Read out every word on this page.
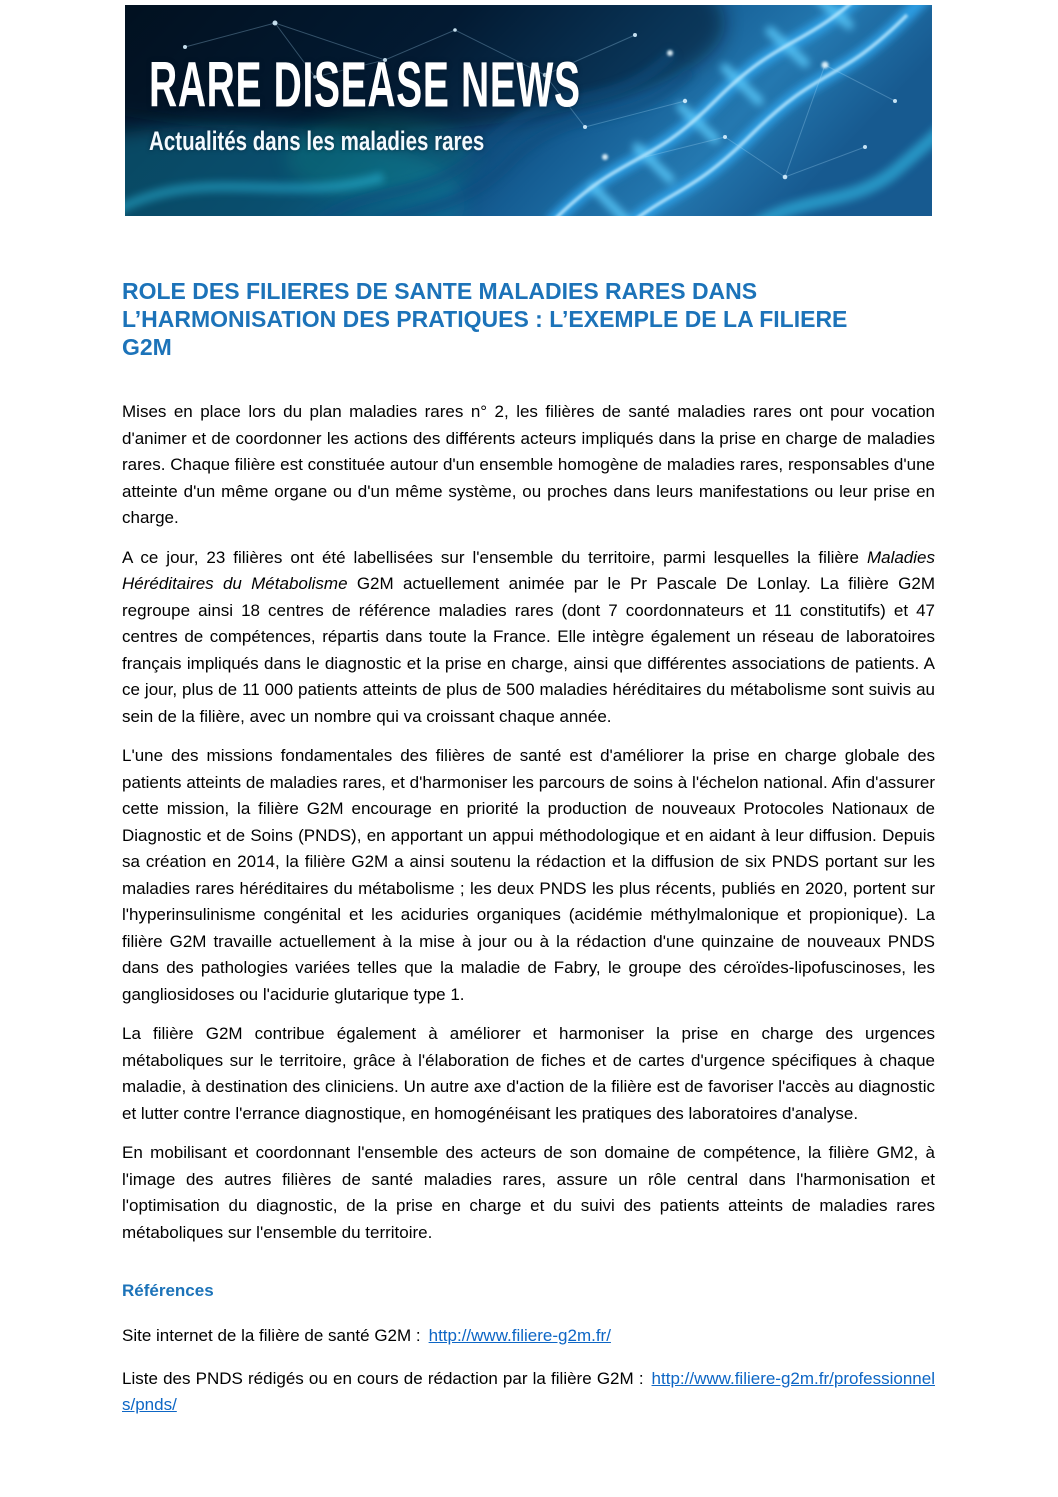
RARE DISEASE NEWS
Actualités dans les maladies rares
ROLE DES FILIERES DE SANTE MALADIES RARES DANS
L’HARMONISATION DES PRATIQUES : L’EXEMPLE DE LA FILIERE
G2M

Mises en place lors du plan maladies rares n° 2, les filières de santé maladies rares ont pour vocation d'animer et de coordonner les actions des différents acteurs impliqués dans la prise en charge de maladies rares. Chaque filière est constituée autour d'un ensemble homogène de maladies rares, responsables d'une atteinte d'un même organe ou d'un même système, ou proches dans leurs manifestations ou leur prise en charge.

A ce jour, 23 filières ont été labellisées sur l'ensemble du territoire, parmi lesquelles la filière Maladies Héréditaires du Métabolisme G2M actuellement animée par le Pr Pascale De Lonlay. La filière G2M regroupe ainsi 18 centres de référence maladies rares (dont 7 coordonnateurs et 11 constitutifs) et 47 centres de compétences, répartis dans toute la France. Elle intègre également un réseau de laboratoires français impliqués dans le diagnostic et la prise en charge, ainsi que différentes associations de patients. A ce jour, plus de 11 000 patients atteints de plus de 500 maladies héréditaires du métabolisme sont suivis au sein de la filière, avec un nombre qui va croissant chaque année.

L'une des missions fondamentales des filières de santé est d'améliorer la prise en charge globale des patients atteints de maladies rares, et d'harmoniser les parcours de soins à l'échelon national. Afin d'assurer cette mission, la filière G2M encourage en priorité la production de nouveaux Protocoles Nationaux de Diagnostic et de Soins (PNDS), en apportant un appui méthodologique et en aidant à leur diffusion. Depuis sa création en 2014, la filière G2M a ainsi soutenu la rédaction et la diffusion de six PNDS portant sur les maladies rares héréditaires du métabolisme ; les deux PNDS les plus récents, publiés en 2020, portent sur l'hyperinsulinisme congénital et les aciduries organiques (acidémie méthylmalonique et propionique). La filière G2M travaille actuellement à la mise à jour ou à la rédaction d'une quinzaine de nouveaux PNDS dans des pathologies variées telles que la maladie de Fabry, le groupe des céroïdes-lipofuscinoses, les gangliosidoses ou l'acidurie glutarique type 1.

La filière G2M contribue également à améliorer et harmoniser la prise en charge des urgences métaboliques sur le territoire, grâce à l'élaboration de fiches et de cartes d'urgence spécifiques à chaque maladie, à destination des cliniciens. Un autre axe d'action de la filière est de favoriser l'accès au diagnostic et lutter contre l'errance diagnostique, en homogénéisant les pratiques des laboratoires d'analyse.

En mobilisant et coordonnant l'ensemble des acteurs de son domaine de compétence, la filière GM2, à l'image des autres filières de santé maladies rares, assure un rôle central dans l'harmonisation et l'optimisation du diagnostic, de la prise en charge et du suivi des patients atteints de maladies rares métaboliques sur l'ensemble du territoire.

Références

Site internet de la filière de santé G2M : http://www.filiere-g2m.fr/

Liste des PNDS rédigés ou en cours de rédaction par la filière G2M : http://www.filiere-g2m.fr/professionnels/pnds/
